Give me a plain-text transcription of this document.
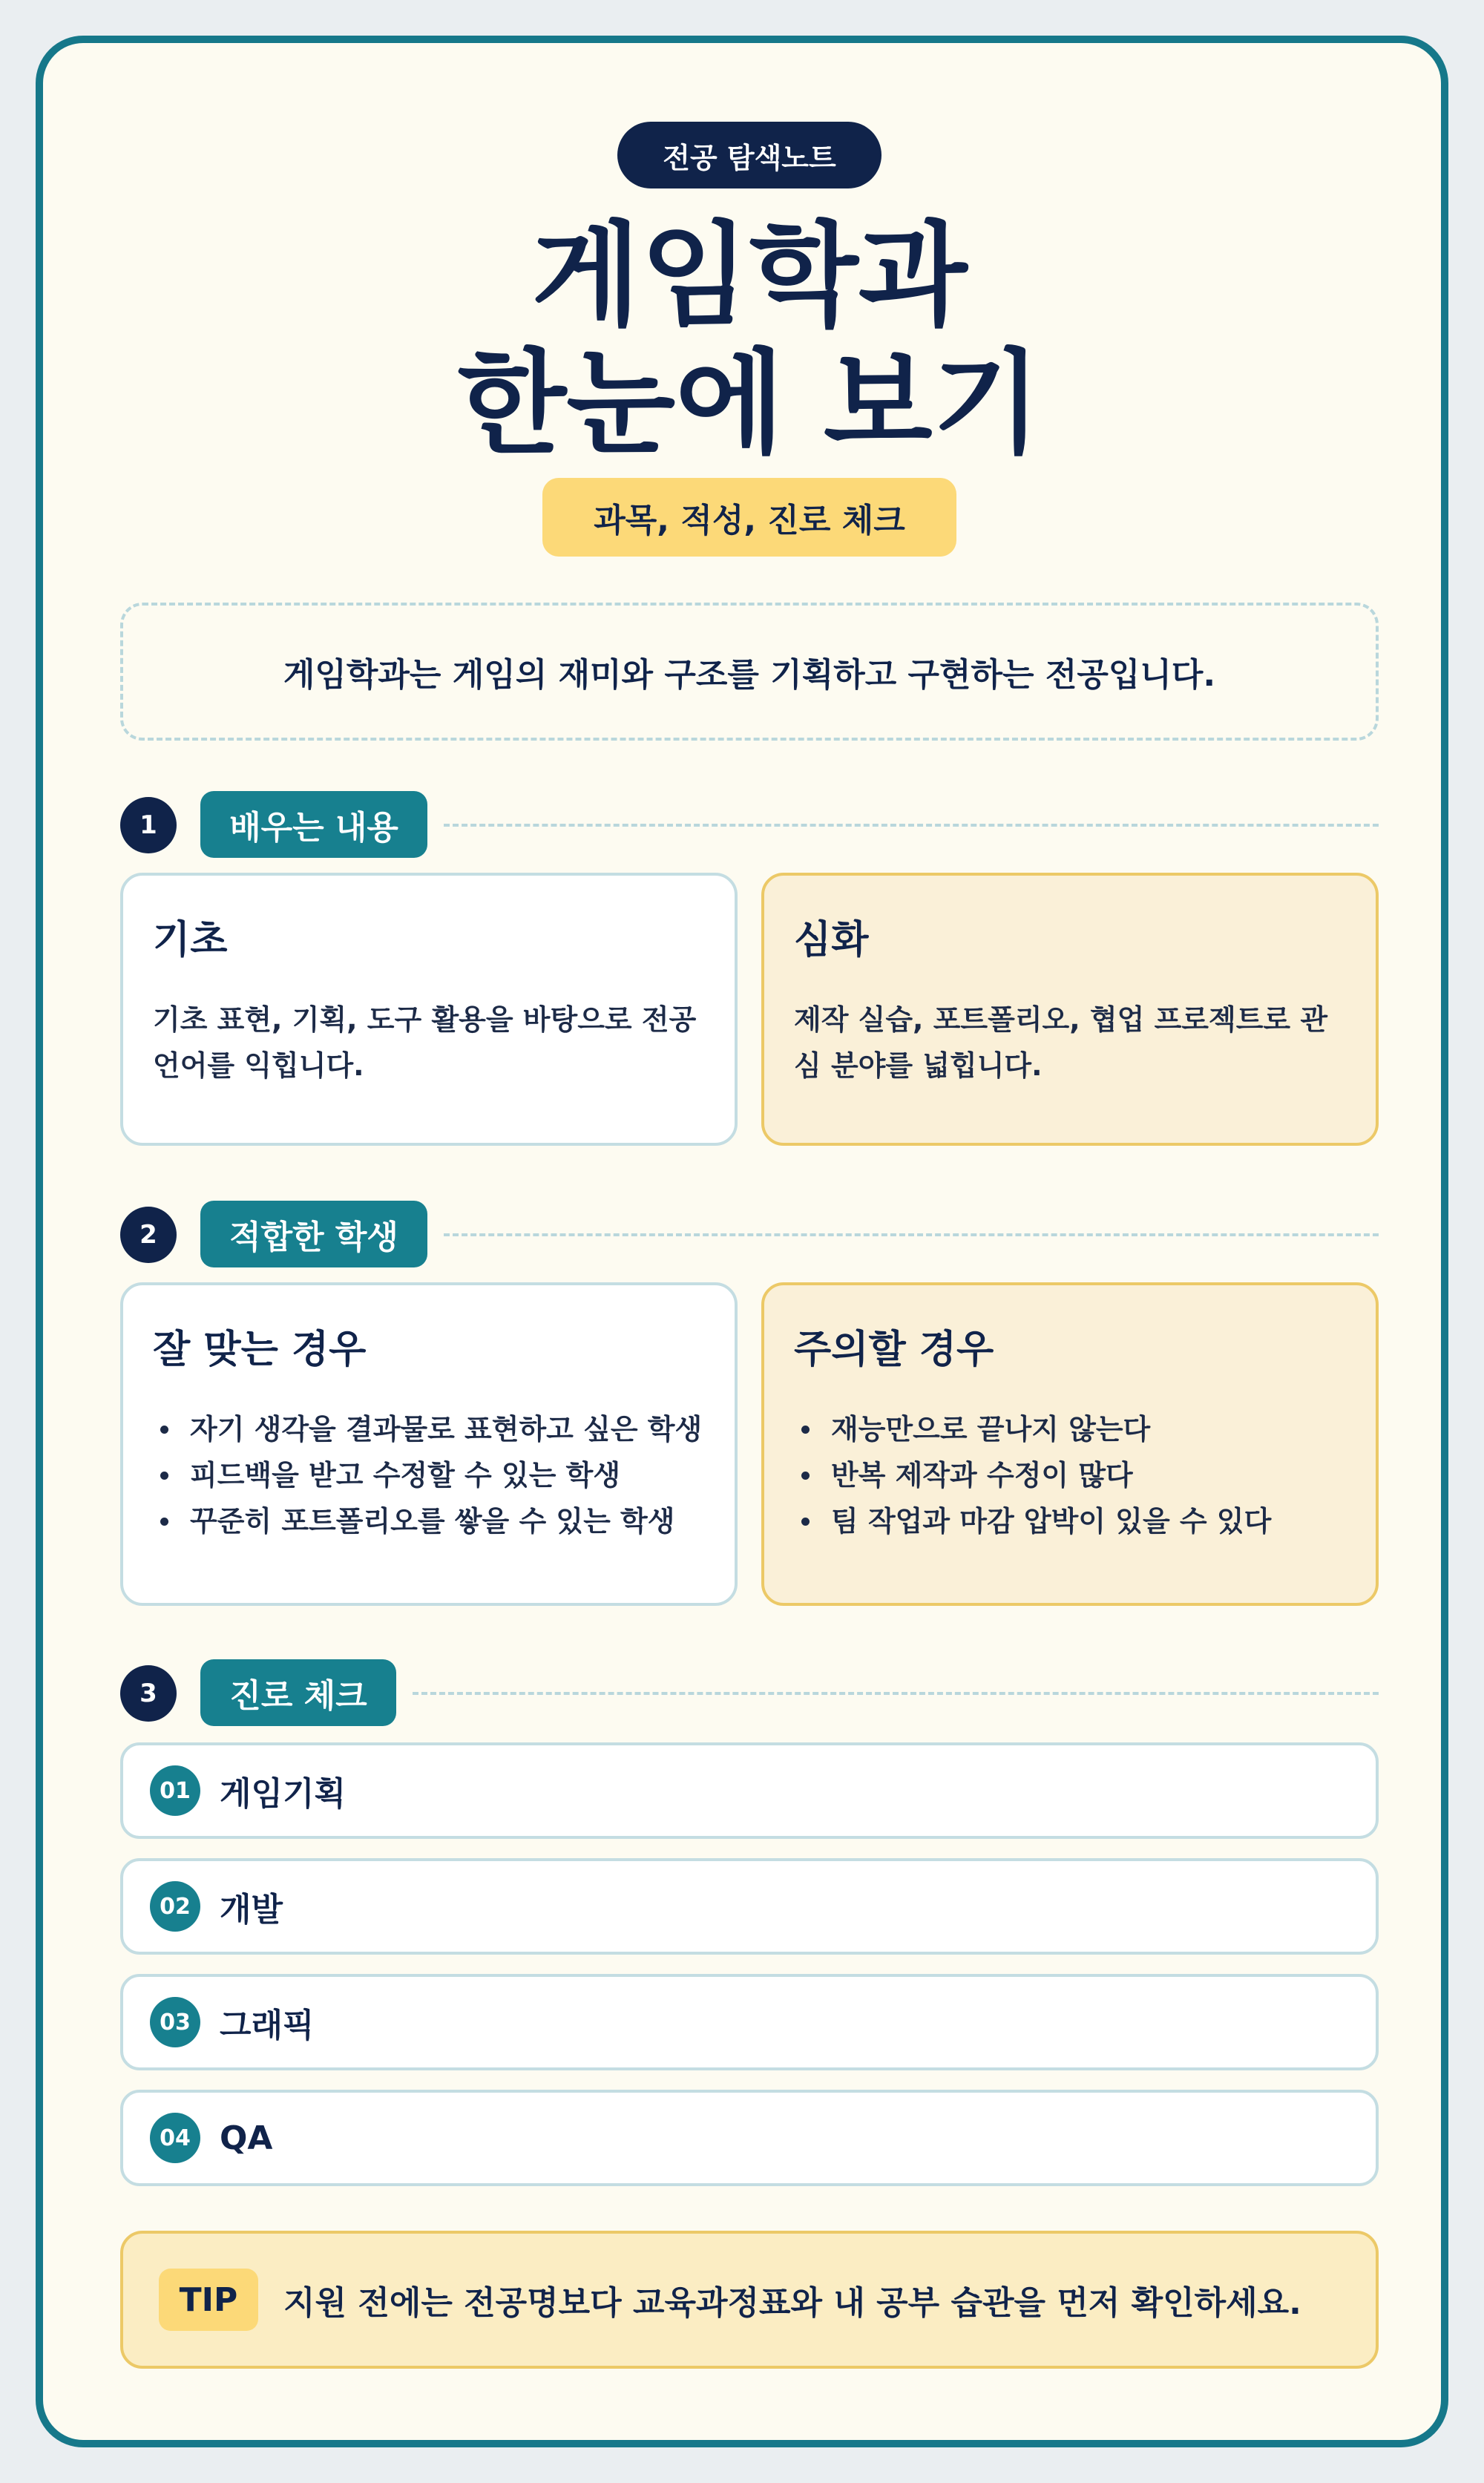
전공 탐색노트
게임학과
한눈에 보기
과목, 적성, 진로 체크
게임학과는 게임의 재미와 구조를 기획하고 구현하는 전공입니다.
1	배우는 내용
기초
기초 표현, 기획, 도구 활용을 바탕으로 전공 언어를 익힙니다.
심화
제작 실습, 포트폴리오, 협업 프로젝트로 관심 분야를 넓힙니다.
2	적합한 학생
잘 맞는 경우
자기 생각을 결과물로 표현하고 싶은 학생
피드백을 받고 수정할 수 있는 학생
꾸준히 포트폴리오를 쌓을 수 있는 학생
주의할 경우
재능만으로 끝나지 않는다
반복 제작과 수정이 많다
팀 작업과 마감 압박이 있을 수 있다
3	진로 체크
01 게임기획
02 개발
03 그래픽
04 QA
TIP	지원 전에는 전공명보다 교육과정표와 내 공부 습관을 먼저 확인하세요.
